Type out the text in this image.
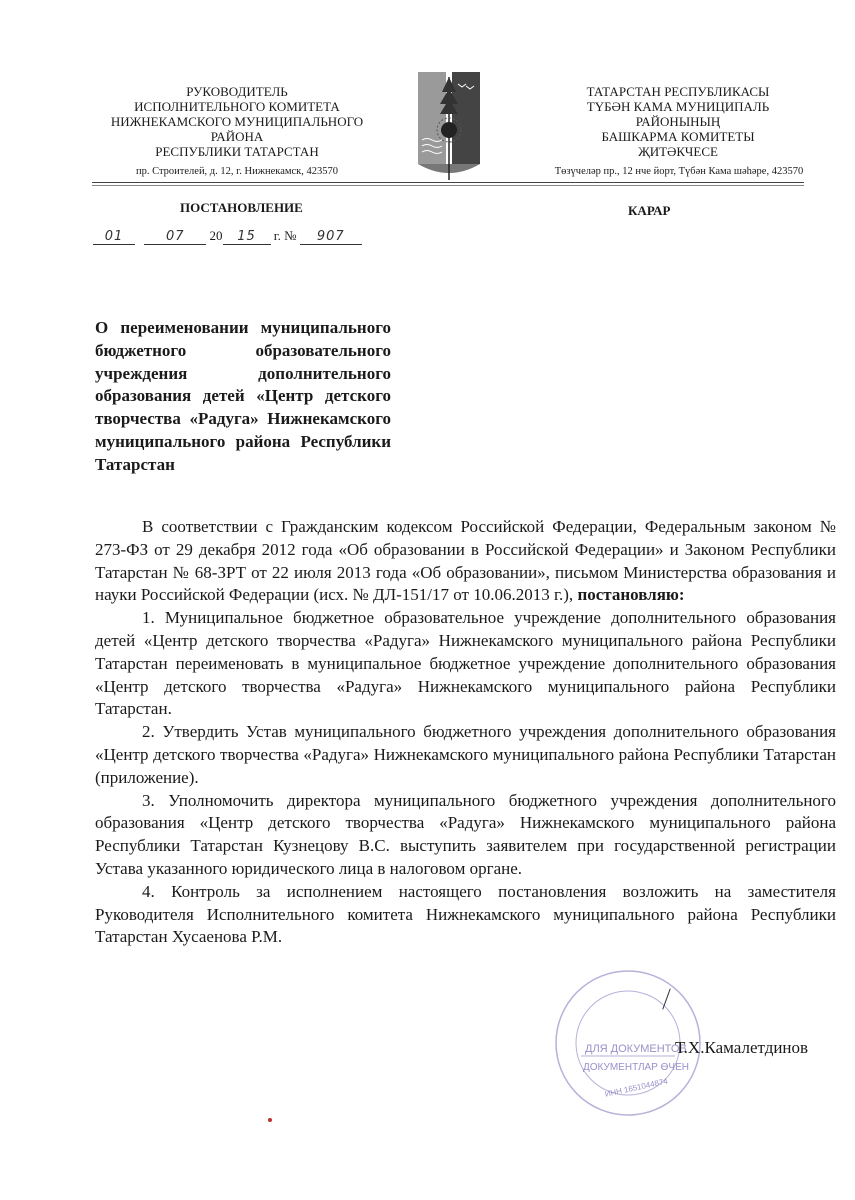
РУКОВОДИТЕЛЬ
ИСПОЛНИТЕЛЬНОГО КОМИТЕТА
НИЖНЕКАМСКОГО МУНИЦИПАЛЬНОГО РАЙОНА
РЕСПУБЛИКИ ТАТАРСТАН
пр. Строителей, д. 12, г. Нижнекамск, 423570
ТАТАРСТАН РЕСПУБЛИКАСЫ
ТҮБӘН КАМА МУНИЦИПАЛЬ РАЙОНЫНЫҢ
БАШКАРМА КОМИТЕТЫ
ҖИТӘКЧЕСЕ
Төзүчеләр пр., 12 нче йорт, Түбән Кама шәһәре, 423570
ПОСТАНОВЛЕНИЕ	КАРАР
01	07 20 15 г. № 907
О переименовании муниципального бюджетного образовательного учреждения дополнительного образования детей «Центр детского творчества «Радуга» Нижнекамского муниципального района Республики Татарстан

В соответствии с Гражданским кодексом Российской Федерации, Федеральным законом № 273-ФЗ от 29 декабря 2012 года «Об образовании в Российской Федерации» и Законом Республики Татарстан № 68-ЗРТ от 22 июля 2013 года «Об образовании», письмом Министерства образования и науки Российской Федерации (исх. № ДЛ-151/17 от 10.06.2013 г.), постановляю:

1. Муниципальное бюджетное образовательное учреждение дополнительного образования детей «Центр детского творчества «Радуга» Нижнекамского муниципального района Республики Татарстан переименовать в муниципальное бюджетное учреждение дополнительного образования «Центр детского творчества «Радуга» Нижнекамского муниципального района Республики Татарстан.

2. Утвердить Устав муниципального бюджетного учреждения дополнительного образования «Центр детского творчества «Радуга» Нижнекамского муниципального района Республики Татарстан (приложение).

3. Уполномочить директора муниципального бюджетного учреждения дополнительного образования «Центр детского творчества «Радуга» Нижнекамского муниципального района Республики Татарстан Кузнецову В.С. выступить заявителем при государственной регистрации Устава указанного юридического лица в налоговом органе.

4. Контроль за исполнением настоящего постановления возложить на заместителя Руководителя Исполнительного комитета Нижнекамского муниципального района Республики Татарстан Хусаенова Р.М.

ДЛЯ ДОКУМЕНТОВ
ДОКУМЕНТЛАР ӨЧЕН
ИНН 1651044874
Т.Х.Камалетдинов
